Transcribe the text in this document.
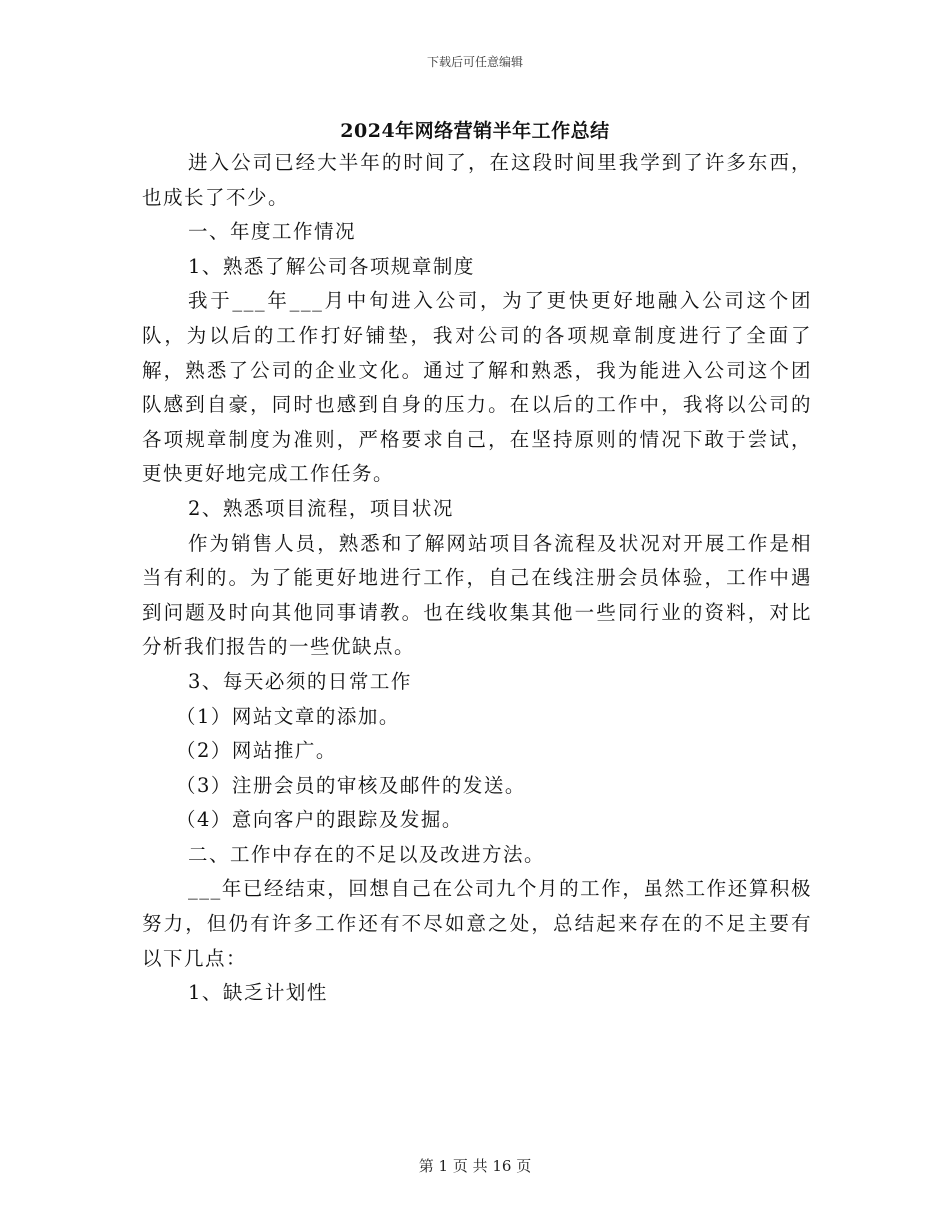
下载后可任意编辑
2024年网络营销半年工作总结

进入公司已经大半年的时间了，在这段时间里我学到了许多东西，也成长了不少。

一、年度工作情况

1、熟悉了解公司各项规章制度

我于___年___月中旬进入公司，为了更快更好地融入公司这个团队，为以后的工作打好铺垫，我对公司的各项规章制度进行了全面了解，熟悉了公司的企业文化。通过了解和熟悉，我为能进入公司这个团队感到自豪，同时也感到自身的压力。在以后的工作中，我将以公司的各项规章制度为准则，严格要求自己，在坚持原则的情况下敢于尝试，更快更好地完成工作任务。

2、熟悉项目流程，项目状况

作为销售人员，熟悉和了解网站项目各流程及状况对开展工作是相当有利的。为了能更好地进行工作，自己在线注册会员体验，工作中遇到问题及时向其他同事请教。也在线收集其他一些同行业的资料，对比分析我们报告的一些优缺点。

3、每天必须的日常工作

（1）网站文章的添加。

（2）网站推广。

（3）注册会员的审核及邮件的发送。

（4）意向客户的跟踪及发掘。

二、工作中存在的不足以及改进方法。

___年已经结束，回想自己在公司九个月的工作，虽然工作还算积极努力，但仍有许多工作还有不尽如意之处，总结起来存在的不足主要有以下几点：

1、缺乏计划性

第 1 页 共 16 页
